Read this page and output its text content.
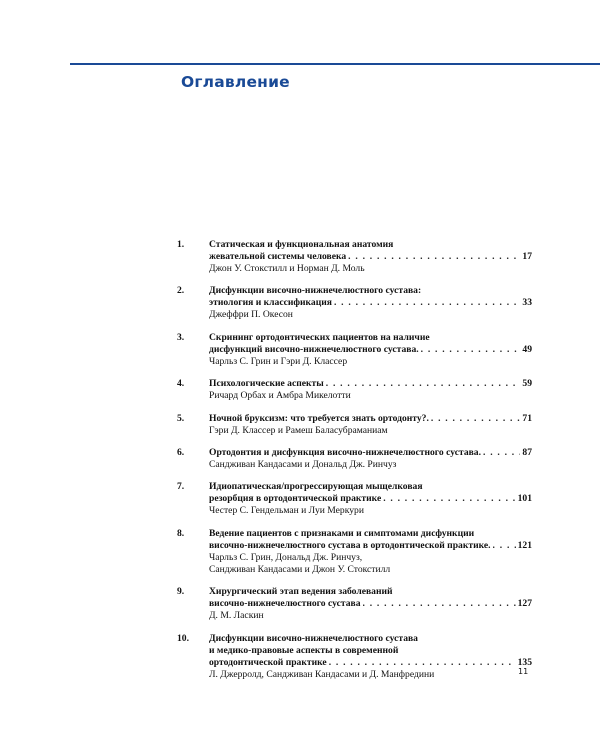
Оглавление
1.	Статическая и функциональная анатомия
жевательной системы человека . . .	17
Джон У. Стокстилл и Норман Д. Моль
2.	Дисфункции височно-нижнечелюстного сустава:
этиология и классификация . . .	33
Джеффри П. Окесон
3.	Скрининг ортодонтических пациентов на наличие
дисфункций височно-нижнечелюстного сустава. . . .	49
Чарльз С. Грин и Гэри Д. Классер
4.	Психологические аспекты . . .	59
Ричард Орбах и Амбра Микелотти
5.	Ночной бруксизм: что требуется знать ортодонту?. . . .	71
Гэри Д. Классер и Рамеш Баласубраманиам
6.	Ортодонтия и дисфункция височно-нижнечелюстного сустава. . . .	87
Сандживан Кандасами и Дональд Дж. Ринчуз
7.	Идиопатическая/прогрессирующая мыщелковая
резорбция в ортодонтической практике . . .	101
Честер С. Гендельман и Луи Меркури
8.	Ведение пациентов с признаками и симптомами дисфункции
височно-нижнечелюстного сустава в ортодонтической практике. . . .	121
Чарльз С. Грин, Дональд Дж. Ринчуз,
Сандживан Кандасами и Джон У. Стокстилл
9.	Хирургический этап ведения заболеваний
височно-нижнечелюстного сустава . . .	127
Д. М. Ласкин
10. Дисфункции височно-нижнечелюстного сустава
и медико-правовые аспекты в современной
ортодонтической практике . . .	135
Л. Джерролд, Сандживан Кандасами и Д. Манфредини	11
